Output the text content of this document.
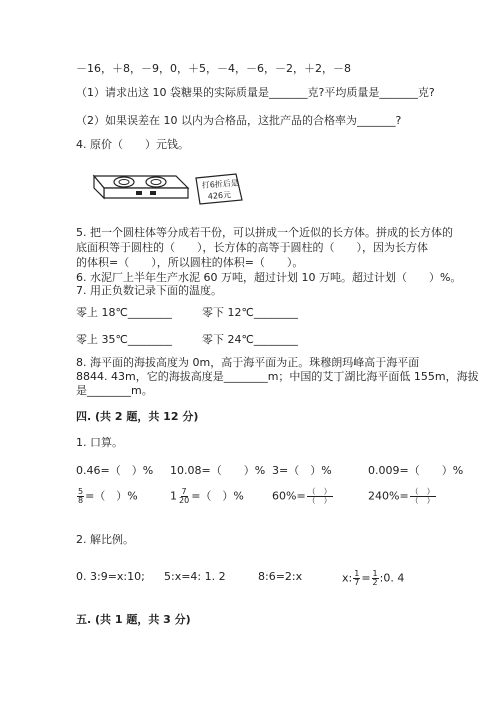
－16，＋8，－9，0，＋5，－4，－6，－2，＋2，－8
（1）请求出这 10 袋糖果的实际质量是_______克?平均质量是_______克?
（2）如果误差在 10 以内为合格品，这批产品的合格率为_______?
4. 原价（　　）元钱。
打6折后是
426元
5. 把一个圆柱体等分成若干份，可以拼成一个近似的长方体。拼成的长方体的
底面积等于圆柱的（　　），长方体的高等于圆柱的（　　），因为长方体
的体积=（　　），所以圆柱的体积=（　　）。
6. 水泥厂上半年生产水泥 60 万吨，超过计划 10 万吨。超过计划（　　）%。
7. 用正负数记录下面的温度。
零上 18℃________	零下 12℃________
零上 35℃________	零下 24℃________
8. 海平面的海拔高度为 0m，高于海平面为正。珠穆朗玛峰高于海平面
8844. 43m，它的海拔高度是________m；中国的艾丁湖比海平面低 155m，海拔
是________m。
四. (共 2 题，共 12 分)
1. 口算。
0.46=（　）% 10.08=（　　）% 3=（　）%	0.009=（　　）%
$\frac{5}{8}$ =（　）%	$1 \frac{7}{20}$ =（　）%	$60\%= \frac{( )}{( )}$	$240\%= \frac{( )}{( )}$
2. 解比例。
0. 3:9=x:10; 5:x=4: 1. 2	8:6=2:x	x: $\frac{1}{7} = \frac{1}{2}$ :0. 4
五. (共 1 题，共 3 分)
